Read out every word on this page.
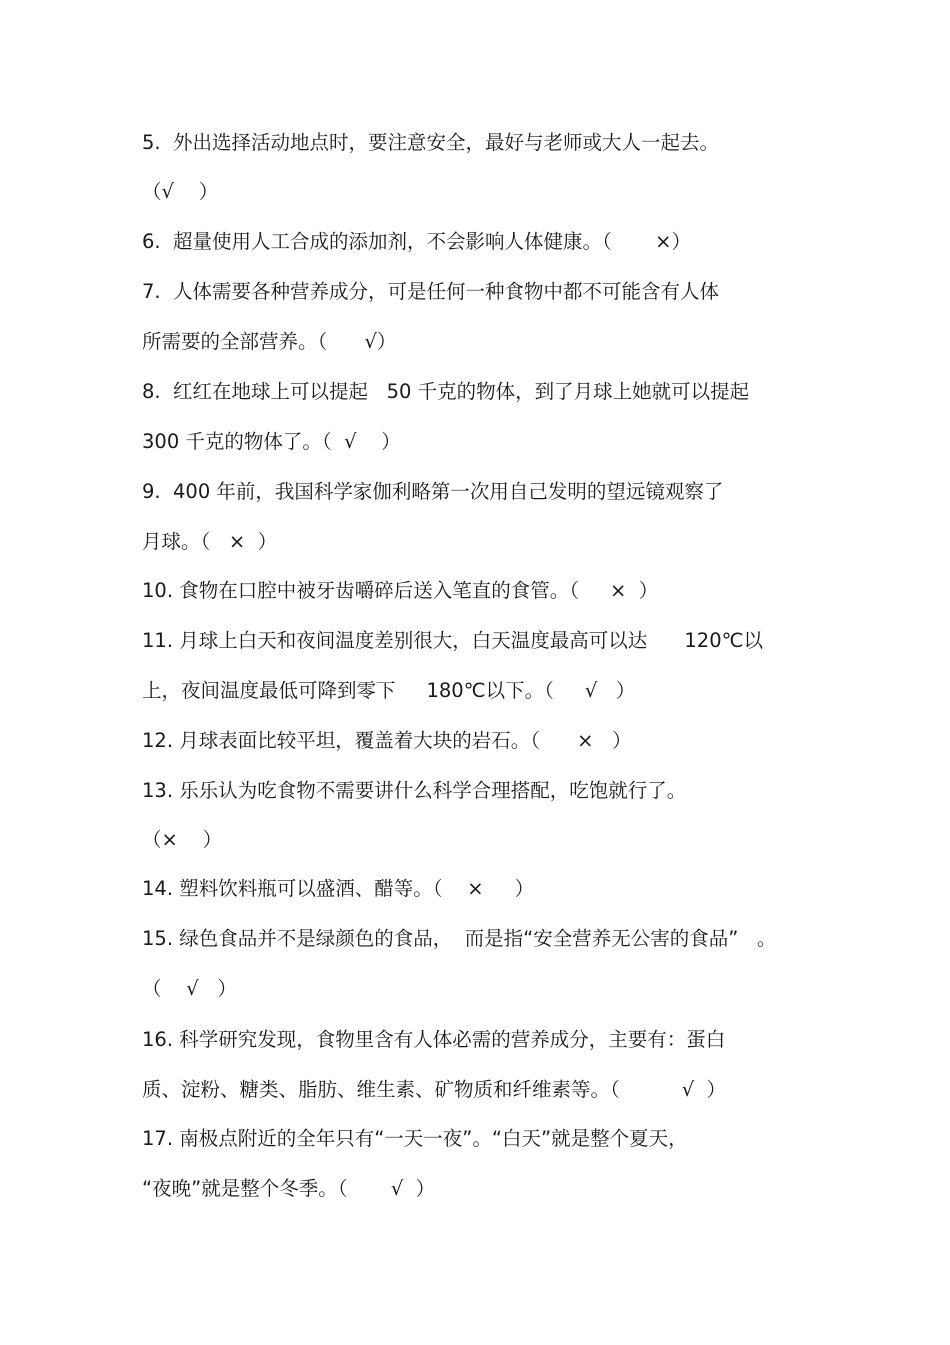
5.  外出选择活动地点时，要注意安全，最好与老师或大人一起去。
（√    ）
6.  超量使用人工合成的添加剂，不会影响人体健康。（       ×）
7.  人体需要各种营养成分，可是任何一种食物中都不可能含有人体
所需要的全部营养。（      √）
8.  红红在地球上可以提起   50 千克的物体，到了月球上她就可以提起
300 千克的物体了。（  √    ）
9.  400 年前，我国科学家伽利略第一次用自己发明的望远镜观察了
月球。（   ×  ）
10. 食物在口腔中被牙齿嚼碎后送入笔直的食管。（     ×  ）
11. 月球上白天和夜间温度差别很大，白天温度最高可以达      120℃以
上，夜间温度最低可降到零下     180℃以下。（     √   ）
12. 月球表面比较平坦，覆盖着大块的岩石。（      ×   ）
13. 乐乐认为吃食物不需要讲什么科学合理搭配，吃饱就行了。
（×    ）
14. 塑料饮料瓶可以盛酒、醋等。（    ×     ）
15. 绿色食品并不是绿颜色的食品，  而是指“安全营养无公害的食品”   。
（    √   ）
16. 科学研究发现，食物里含有人体必需的营养成分，主要有：蛋白
质、淀粉、糖类、脂肪、维生素、矿物质和纤维素等。（          √  ）
17. 南极点附近的全年只有“一天一夜”。“白天”就是整个夏天，
“夜晚”就是整个冬季。（       √  ）
